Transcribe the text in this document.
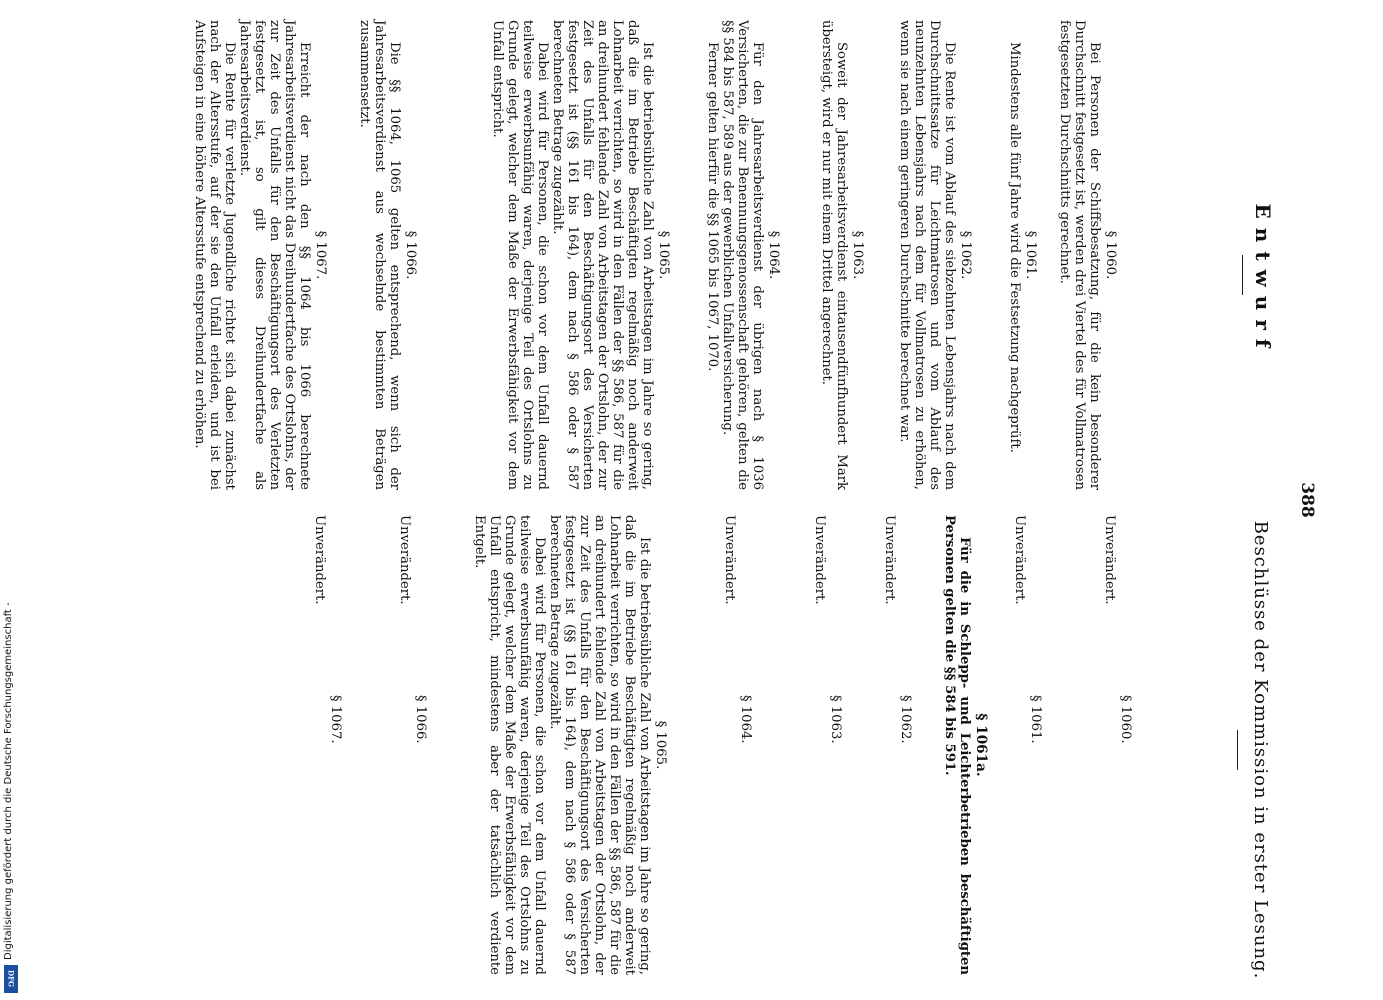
388
Entwurf
Beschlüsse der Kommission in erster Lesung.
§ 1060.

Bei Personen der Schiffsbesatzung, für die kein besonderer Durchschnitt festgesetzt ist, werden drei Viertel des für Vollmatrosen festgesetzten Durchschnitts gerechnet.

§ 1061.

Mindestens alle fünf Jahre wird die Festsetzung nachgeprüft.

§ 1062.

Die Rente ist vom Ablauf des siebzehnten Lebensjahrs nach dem Durchschnittssatze für Leichtmatrosen und vom Ablauf des neunzehnten Lebensjahrs nach dem für Vollmatrosen zu erhöhen, wenn sie nach einem geringeren Durchschnitte berechnet war.

§ 1063.

Soweit der Jahresarbeitsverdienst eintausendfünfhundert Mark übersteigt, wird er nur mit einem Drittel angerechnet.

§ 1064.

Für den Jahresarbeitsverdienst der übrigen nach § 1036 Versicherten, die zur Benennungsgenossenschaft gehören, gelten die §§ 584 bis 587, 589 aus der gewerblichen Unfallversicherung.

Ferner gelten hierfür die §§ 1065 bis 1067, 1070.

§ 1065.

Ist die betriebsübliche Zahl von Arbeitstagen im Jahre so gering, daß die im Betriebe Beschäftigten regelmäßig noch anderweit Lohnarbeit verrichten, so wird in den Fällen der §§ 586, 587 für die an dreihundert fehlende Zahl von Arbeitstagen der Ortslohn, der zur Zeit des Unfalls für den Beschäftigungsort des Versicherten festgesetzt ist (§§ 161 bis 164), dem nach § 586 oder § 587 berechneten Betrage zugezählt.

Dabei wird für Personen, die schon vor dem Unfall dauernd teilweise erwerbsunfähig waren, derjenige Teil des Ortslohns zu Grunde gelegt, welcher dem Maße der Erwerbsfähigkeit vor dem Unfall entspricht.

§ 1066.

Die §§ 1064, 1065 gelten entsprechend, wenn sich der Jahresarbeitsverdienst aus wechselnde bestimmten Beträgen zusammensetzt.

§ 1067.

Erreicht der nach den §§ 1064 bis 1066 berechnete Jahresarbeitsverdienst nicht das Dreihundertfache des Ortslohns, der zur Zeit des Unfalls für den Beschäftigungsort des Verletzten festgesetzt ist, so gilt dieses Dreihundertfache als Jahresarbeitsverdienst.

Die Rente für verletzte Jugendliche richtet sich dabei zunächst nach der Altersstufe, auf der sie den Unfall erleiden, und ist bei Aufsteigen in eine höhere Altersstufe entsprechend zu erhöhen.

§ 1060.

Unverändert.

§ 1061.

Unverändert.

§ 1061a.

Für die in Schlepp- und Leichterbetrieben beschäftigten Personen gelten die §§ 584 bis 591.

§ 1062.

Unverändert.

§ 1063.

Unverändert.

§ 1064.

Unverändert.

§ 1065.

Ist die betriebsübliche Zahl von Arbeitstagen im Jahre so gering, daß die im Betriebe Beschäftigten regelmäßig noch anderweit Lohnarbeit verrichten, so wird in den Fällen der §§ 586, 587 für die an dreihundert fehlende Zahl von Arbeitstagen der Ortslohn, der zur Zeit des Unfalls für den Beschäftigungsort des Versicherten festgesetzt ist (§§ 161 bis 164), dem nach § 586 oder § 587 berechneten Betrage zugezählt.

Dabei wird für Personen, die schon vor dem Unfall dauernd teilweise erwerbsunfähig waren, derjenige Teil des Ortslohns zu Grunde gelegt, welcher dem Maße der Erwerbsfähigkeit vor dem Unfall entspricht, mindestens aber der tatsächlich verdiente Entgelt.

§ 1066.

Unverändert.

§ 1067.

Unverändert.

Digitalisierung gefördert durch die Deutsche Forschungsgemeinschaft -
DFG
